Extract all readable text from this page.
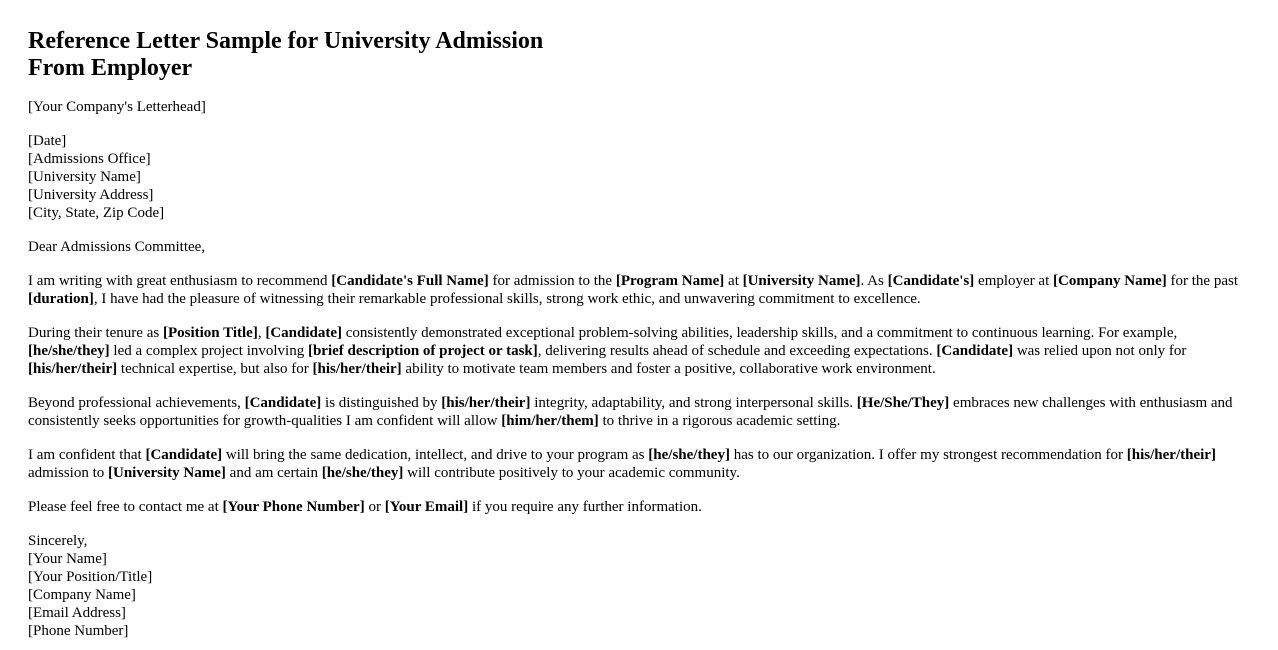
Reference Letter Sample for University Admission
From Employer
[Your Company's Letterhead]
[Date]
[Admissions Office]
[University Name]
[University Address]
[City, State, Zip Code]
Dear Admissions Committee,
I am writing with great enthusiasm to recommend [Candidate's Full Name] for admission to the [Program Name] at [University Name]. As [Candidate's] employer at [Company Name] for the past [duration], I have had the pleasure of witnessing their remarkable professional skills, strong work ethic, and unwavering commitment to excellence.
During their tenure as [Position Title], [Candidate] consistently demonstrated exceptional problem-solving abilities, leadership skills, and a commitment to continuous learning. For example, [he/she/they] led a complex project involving [brief description of project or task], delivering results ahead of schedule and exceeding expectations. [Candidate] was relied upon not only for [his/her/their] technical expertise, but also for [his/her/their] ability to motivate team members and foster a positive, collaborative work environment.
Beyond professional achievements, [Candidate] is distinguished by [his/her/their] integrity, adaptability, and strong interpersonal skills. [He/She/They] embraces new challenges with enthusiasm and consistently seeks opportunities for growth-qualities I am confident will allow [him/her/them] to thrive in a rigorous academic setting.
I am confident that [Candidate] will bring the same dedication, intellect, and drive to your program as [he/she/they] has to our organization. I offer my strongest recommendation for [his/her/their] admission to [University Name] and am certain [he/she/they] will contribute positively to your academic community.
Please feel free to contact me at [Your Phone Number] or [Your Email] if you require any further information.
Sincerely,
[Your Name]
[Your Position/Title]
[Company Name]
[Email Address]
[Phone Number]
